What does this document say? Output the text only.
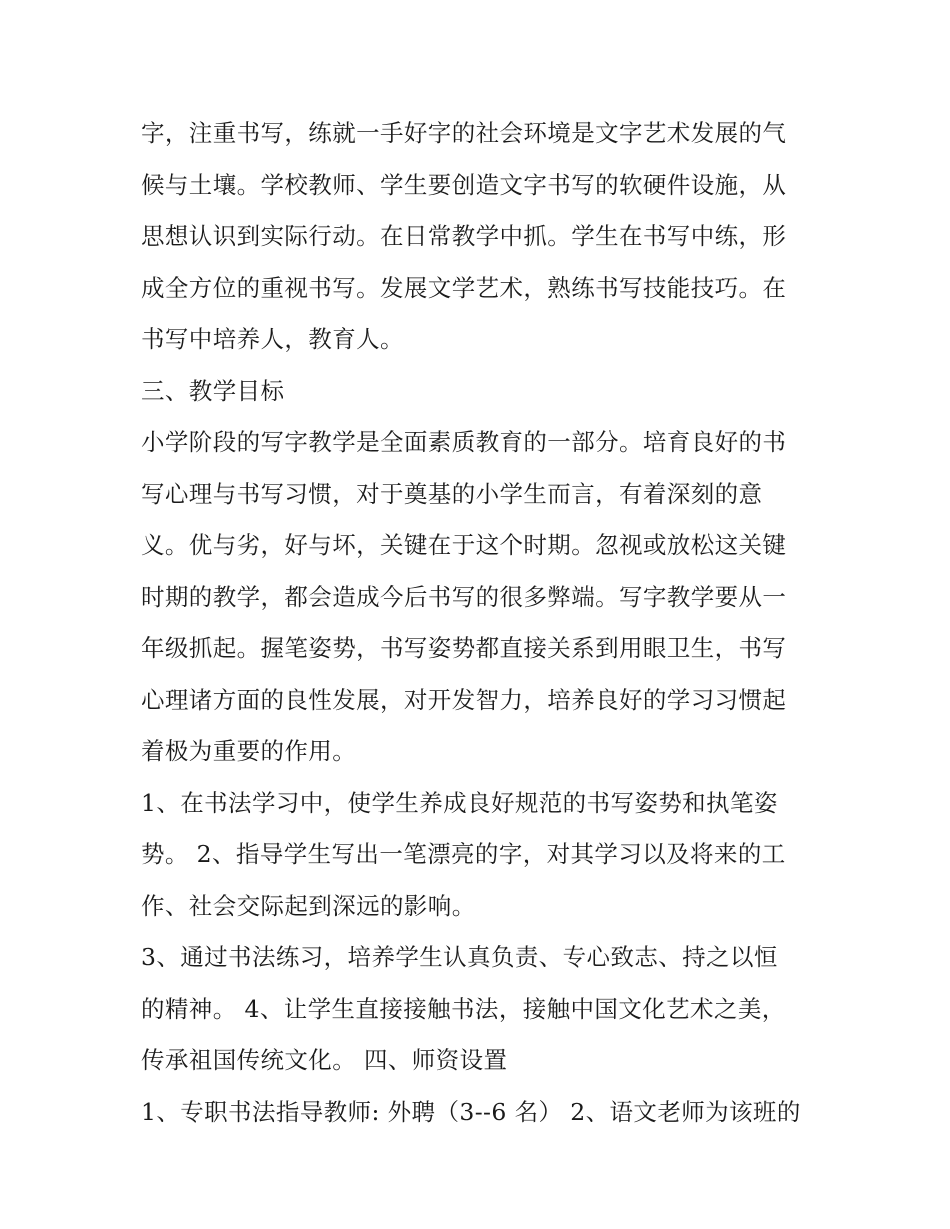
字，注重书写，练就一手好字的社会环境是文字艺术发展的气
候与土壤。学校教师、学生要创造文字书写的软硬件设施，从
思想认识到实际行动。在日常教学中抓。学生在书写中练，形
成全方位的重视书写。发展文学艺术，熟练书写技能技巧。在
书写中培养人，教育人。
三、教学目标
小学阶段的写字教学是全面素质教育的一部分。培育良好的书
写心理与书写习惯，对于奠基的小学生而言，有着深刻的意
义。优与劣，好与坏，关键在于这个时期。忽视或放松这关键
时期的教学，都会造成今后书写的很多弊端。写字教学要从一
年级抓起。握笔姿势，书写姿势都直接关系到用眼卫生，书写
心理诸方面的良性发展，对开发智力，培养良好的学习习惯起
着极为重要的作用。
1、在书法学习中，使学生养成良好规范的书写姿势和执笔姿
势。 2、指导学生写出一笔漂亮的字，对其学习以及将来的工
作、社会交际起到深远的影响。
3、通过书法练习，培养学生认真负责、专心致志、持之以恒
的精神。 4、让学生直接接触书法，接触中国文化艺术之美，
传承祖国传统文化。 四、师资设置
1、专职书法指导教师: 外聘（3--6 名） 2、语文老师为该班的
